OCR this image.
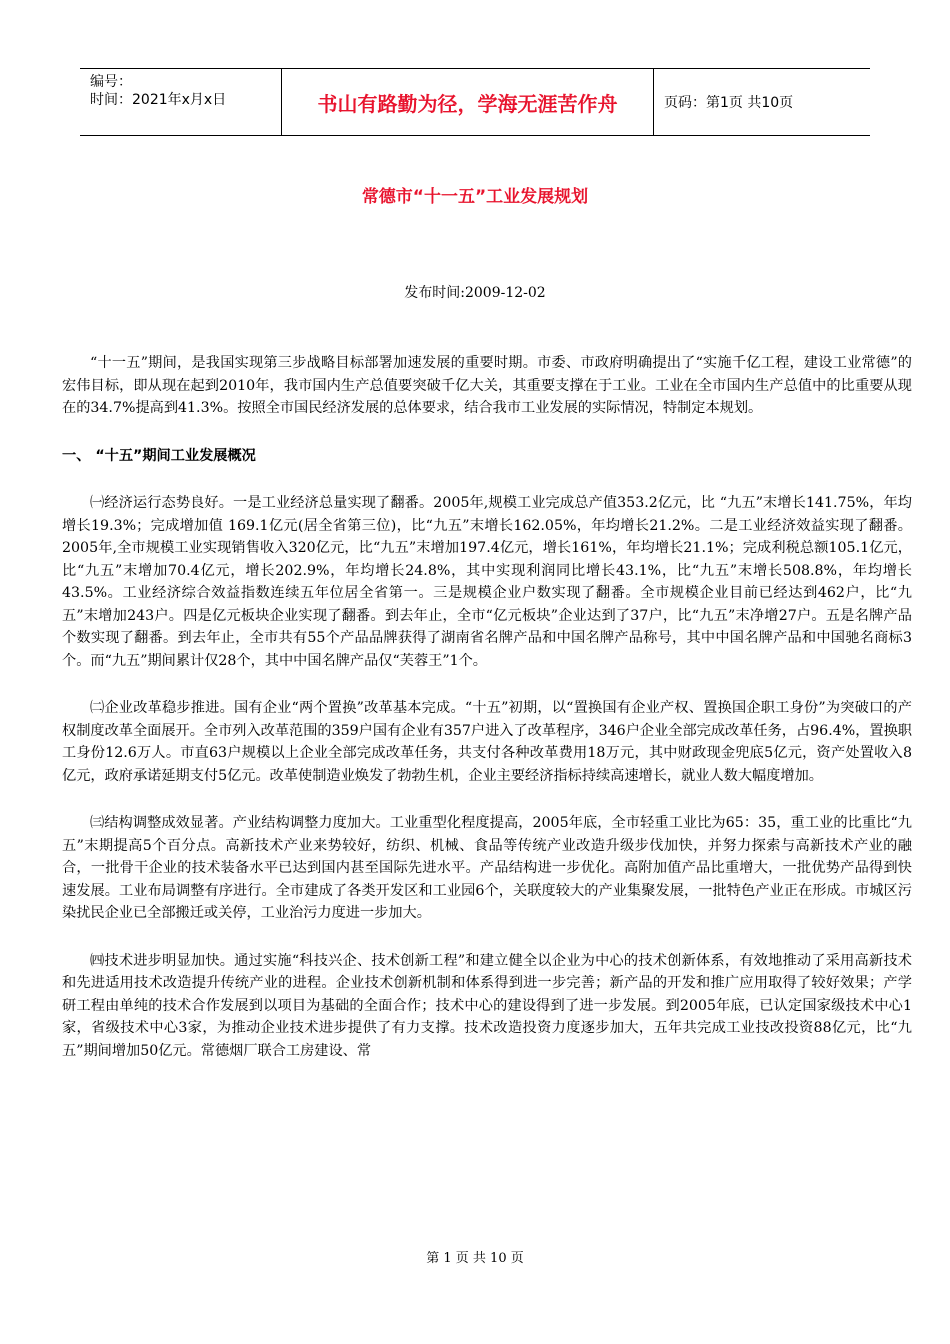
编号：
时间：2021年x月x日	书山有路勤为径，学海无涯苦作舟	页码：第1页 共10页
常德市“十一五”工业发展规划
发布时间:2009-12-02

“十一五”期间，是我国实现第三步战略目标部署加速发展的重要时期。市委、市政府明确提出了“实施千亿工程，建设工业常德”的宏伟目标，即从现在起到2010年，我市国内生产总值要突破千亿大关，其重要支撑在于工业。工业在全市国内生产总值中的比重要从现在的34.7%提高到41.3%。按照全市国民经济发展的总体要求，结合我市工业发展的实际情况，特制定本规划。

一、 “十五”期间工业发展概况

㈠经济运行态势良好。一是工业经济总量实现了翻番。2005年,规模工业完成总产值353.2亿元，比 “九五”末增长141.75%，年均增长19.3%；完成增加值 169.1亿元(居全省第三位)，比“九五”末增长162.05%，年均增长21.2%。二是工业经济效益实现了翻番。2005年,全市规模工业实现销售收入320亿元，比“九五”末增加197.4亿元，增长161%，年均增长21.1%；完成利税总额105.1亿元，比“九五”末增加70.4亿元，增长202.9%，年均增长24.8%，其中实现利润同比增长43.1%，比“九五”末增长508.8%，年均增长43.5%。工业经济综合效益指数连续五年位居全省第一。三是规模企业户数实现了翻番。全市规模企业目前已经达到462户，比“九五”末增加243户。四是亿元板块企业实现了翻番。到去年止，全市“亿元板块”企业达到了37户，比“九五”末净增27户。五是名牌产品个数实现了翻番。到去年止，全市共有55个产品品牌获得了湖南省名牌产品和中国名牌产品称号，其中中国名牌产品和中国驰名商标3个。而“九五”期间累计仅28个，其中中国名牌产品仅“芙蓉王”1个。

㈡企业改革稳步推进。国有企业“两个置换”改革基本完成。“十五”初期，以“置换国有企业产权、置换国企职工身份”为突破口的产权制度改革全面展开。全市列入改革范围的359户国有企业有357户进入了改革程序，346户企业全部完成改革任务，占96.4%，置换职工身份12.6万人。市直63户规模以上企业全部完成改革任务，共支付各种改革费用18万元，其中财政现金兜底5亿元，资产处置收入8亿元，政府承诺延期支付5亿元。改革使制造业焕发了勃勃生机，企业主要经济指标持续高速增长，就业人数大幅度增加。

㈢结构调整成效显著。产业结构调整力度加大。工业重型化程度提高，2005年底，全市轻重工业比为65：35，重工业的比重比“九五”末期提高5个百分点。高新技术产业来势较好，纺织、机械、食品等传统产业改造升级步伐加快，并努力探索与高新技术产业的融合，一批骨干企业的技术装备水平已达到国内甚至国际先进水平。产品结构进一步优化。高附加值产品比重增大，一批优势产品得到快速发展。工业布局调整有序进行。全市建成了各类开发区和工业园6个，关联度较大的产业集聚发展，一批特色产业正在形成。市城区污染扰民企业已全部搬迁或关停，工业治污力度进一步加大。

㈣技术进步明显加快。通过实施“科技兴企、技术创新工程”和建立健全以企业为中心的技术创新体系，有效地推动了采用高新技术和先进适用技术改造提升传统产业的进程。企业技术创新机制和体系得到进一步完善；新产品的开发和推广应用取得了较好效果；产学研工程由单纯的技术合作发展到以项目为基础的全面合作；技术中心的建设得到了进一步发展。到2005年底，已认定国家级技术中心1家，省级技术中心3家，为推动企业技术进步提供了有力支撑。技术改造投资力度逐步加大，五年共完成工业技改投资88亿元，比“九五”期间增加50亿元。常德烟厂联合工房建设、常

第 1 页 共 10 页
